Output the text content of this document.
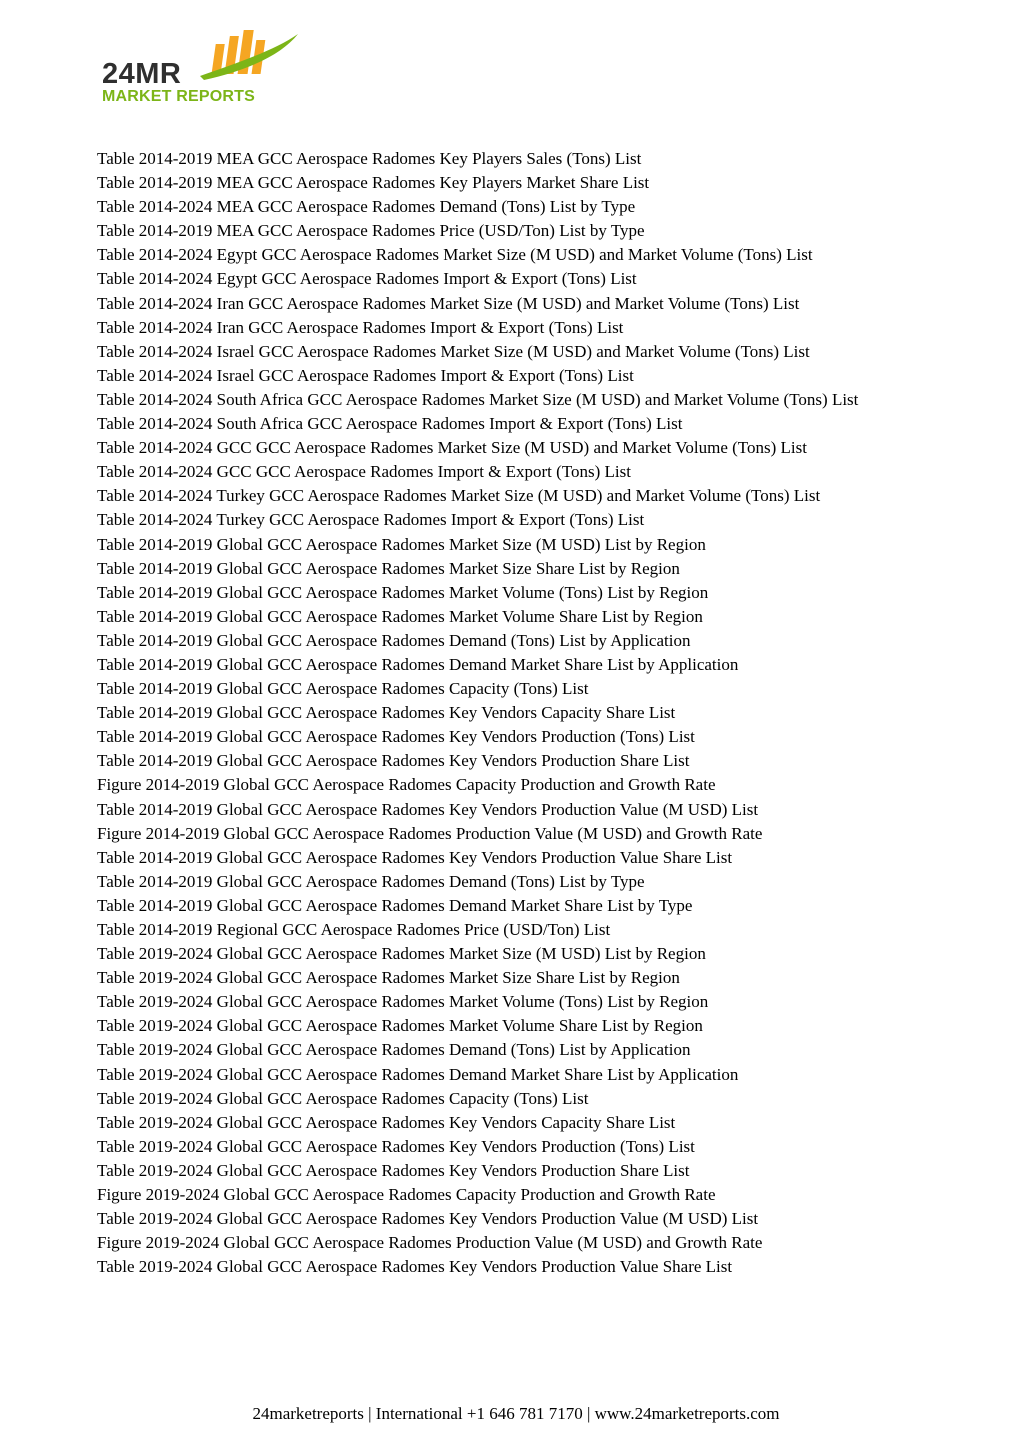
24MR
MARKET REPORTS

Table 2014-2019 MEA GCC Aerospace Radomes Key Players Sales (Tons) List

Table 2014-2019 MEA GCC Aerospace Radomes Key Players Market Share List

Table 2014-2024 MEA GCC Aerospace Radomes Demand (Tons) List by Type

Table 2014-2019 MEA GCC Aerospace Radomes Price (USD/Ton) List by Type

Table 2014-2024 Egypt GCC Aerospace Radomes Market Size (M USD) and Market Volume (Tons) List

Table 2014-2024 Egypt GCC Aerospace Radomes Import & Export (Tons) List

Table 2014-2024 Iran GCC Aerospace Radomes Market Size (M USD) and Market Volume (Tons) List

Table 2014-2024 Iran GCC Aerospace Radomes Import & Export (Tons) List

Table 2014-2024 Israel GCC Aerospace Radomes Market Size (M USD) and Market Volume (Tons) List

Table 2014-2024 Israel GCC Aerospace Radomes Import & Export (Tons) List

Table 2014-2024 South Africa GCC Aerospace Radomes Market Size (M USD) and Market Volume (Tons) List

Table 2014-2024 South Africa GCC Aerospace Radomes Import & Export (Tons) List

Table 2014-2024 GCC GCC Aerospace Radomes Market Size (M USD) and Market Volume (Tons) List

Table 2014-2024 GCC GCC Aerospace Radomes Import & Export (Tons) List

Table 2014-2024 Turkey GCC Aerospace Radomes Market Size (M USD) and Market Volume (Tons) List

Table 2014-2024 Turkey GCC Aerospace Radomes Import & Export (Tons) List

Table 2014-2019 Global GCC Aerospace Radomes Market Size (M USD) List by Region

Table 2014-2019 Global GCC Aerospace Radomes Market Size Share List by Region

Table 2014-2019 Global GCC Aerospace Radomes Market Volume (Tons) List by Region

Table 2014-2019 Global GCC Aerospace Radomes Market Volume Share List by Region

Table 2014-2019 Global GCC Aerospace Radomes Demand (Tons) List by Application

Table 2014-2019 Global GCC Aerospace Radomes Demand Market Share List by Application

Table 2014-2019 Global GCC Aerospace Radomes Capacity (Tons) List

Table 2014-2019 Global GCC Aerospace Radomes Key Vendors Capacity Share List

Table 2014-2019 Global GCC Aerospace Radomes Key Vendors Production (Tons) List

Table 2014-2019 Global GCC Aerospace Radomes Key Vendors Production Share List

Figure 2014-2019 Global GCC Aerospace Radomes Capacity Production and Growth Rate

Table 2014-2019 Global GCC Aerospace Radomes Key Vendors Production Value (M USD) List

Figure 2014-2019 Global GCC Aerospace Radomes Production Value (M USD) and Growth Rate

Table 2014-2019 Global GCC Aerospace Radomes Key Vendors Production Value Share List

Table 2014-2019 Global GCC Aerospace Radomes Demand (Tons) List by Type

Table 2014-2019 Global GCC Aerospace Radomes Demand Market Share List by Type

Table 2014-2019 Regional GCC Aerospace Radomes Price (USD/Ton) List

Table 2019-2024 Global GCC Aerospace Radomes Market Size (M USD) List by Region

Table 2019-2024 Global GCC Aerospace Radomes Market Size Share List by Region

Table 2019-2024 Global GCC Aerospace Radomes Market Volume (Tons) List by Region

Table 2019-2024 Global GCC Aerospace Radomes Market Volume Share List by Region

Table 2019-2024 Global GCC Aerospace Radomes Demand (Tons) List by Application

Table 2019-2024 Global GCC Aerospace Radomes Demand Market Share List by Application

Table 2019-2024 Global GCC Aerospace Radomes Capacity (Tons) List

Table 2019-2024 Global GCC Aerospace Radomes Key Vendors Capacity Share List

Table 2019-2024 Global GCC Aerospace Radomes Key Vendors Production (Tons) List

Table 2019-2024 Global GCC Aerospace Radomes Key Vendors Production Share List

Figure 2019-2024 Global GCC Aerospace Radomes Capacity Production and Growth Rate

Table 2019-2024 Global GCC Aerospace Radomes Key Vendors Production Value (M USD) List

Figure 2019-2024 Global GCC Aerospace Radomes Production Value (M USD) and Growth Rate

Table 2019-2024 Global GCC Aerospace Radomes Key Vendors Production Value Share List

24marketreports | International +1 646 781 7170 | www.24marketreports.com
